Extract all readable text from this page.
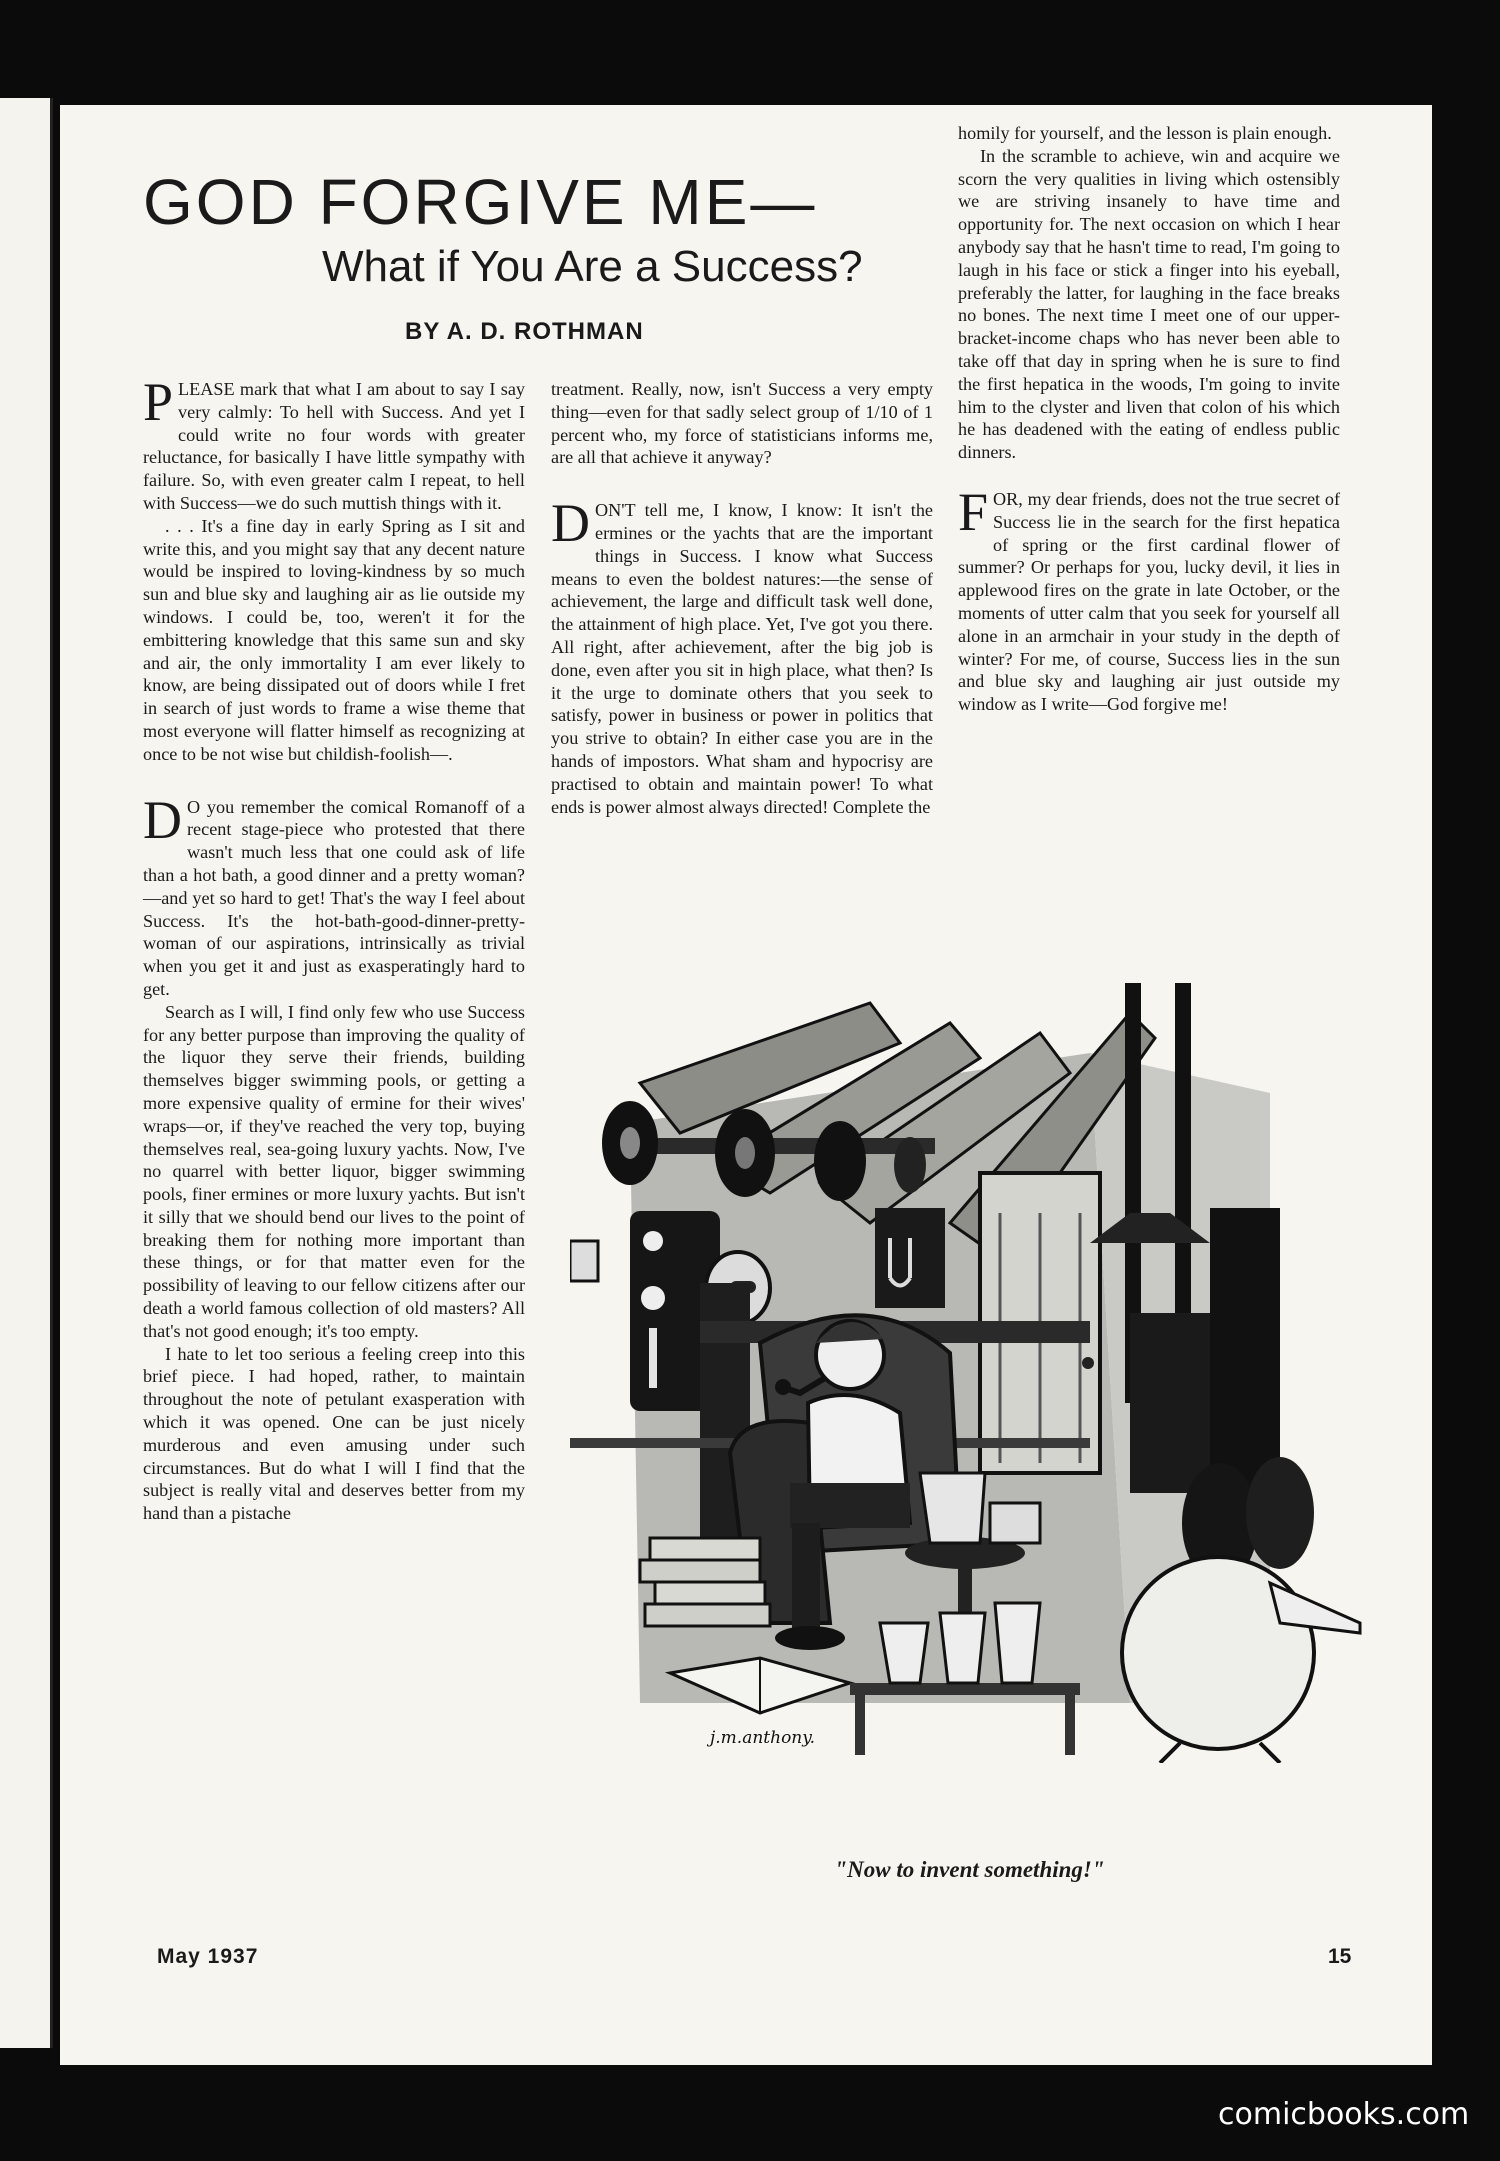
GOD FORGIVE ME—
What if You Are a Success?

BY A. D. ROTHMAN

PLEASE mark that what I am about to say I say very calmly: To hell with Success. And yet I could write no four words with greater reluctance, for basically I have little sympathy with failure. So, with even greater calm I repeat, to hell with Success—we do such muttish things with it.

. . . It's a fine day in early Spring as I sit and write this, and you might say that any decent nature would be inspired to loving-kindness by so much sun and blue sky and laughing air as lie outside my windows. I could be, too, weren't it for the embittering knowledge that this same sun and sky and air, the only immortality I am ever likely to know, are being dissipated out of doors while I fret in search of just words to frame a wise theme that most everyone will flatter himself as recognizing at once to be not wise but childish-foolish—.

D O you remember the comical Romanoff of a recent stage-piece who protested that there wasn't much less that one could ask of life than a hot bath, a good dinner and a pretty woman?—and yet so hard to get! That's the way I feel about Success. It's the hot-bath-good-dinner-pretty-woman of our aspirations, intrinsically as trivial when you get it and just as exasperatingly hard to get.

Search as I will, I find only few who use Success for any better purpose than improving the quality of the liquor they serve their friends, building themselves bigger swimming pools, or getting a more expensive quality of ermine for their wives' wraps—or, if they've reached the very top, buying themselves real, sea-going luxury yachts. Now, I've no quarrel with better liquor, bigger swimming pools, finer ermines or more luxury yachts. But isn't it silly that we should bend our lives to the point of breaking them for nothing more important than these things, or for that matter even for the possibility of leaving to our fellow citizens after our death a world famous collection of old masters? All that's not good enough; it's too empty.

I hate to let too serious a feeling creep into this brief piece. I had hoped, rather, to maintain throughout the note of petulant exasperation with which it was opened. One can be just nicely murderous and even amusing under such circumstances. But do what I will I find that the subject is really vital and deserves better from my hand than a pistache

treatment. Really, now, isn't Success a very empty thing—even for that sadly select group of 1/10 of 1 percent who, my force of statisticians informs me, are all that achieve it anyway?

DON'T tell me, I know, I know: It isn't the ermines or the yachts that are the important things in Success. I know what Success means to even the boldest natures:—the sense of achievement, the large and difficult task well done, the attainment of high place. Yet, I've got you there. All right, after achievement, after the big job is done, even after you sit in high place, what then? Is it the urge to dominate others that you seek to satisfy, power in business or power in politics that you strive to obtain? In either case you are in the hands of impostors. What sham and hypocrisy are practised to obtain and maintain power! To what ends is power almost always directed! Complete the

homily for yourself, and the lesson is plain enough.

In the scramble to achieve, win and acquire we scorn the very qualities in living which ostensibly we are striving insanely to have time and opportunity for. The next occasion on which I hear anybody say that he hasn't time to read, I'm going to laugh in his face or stick a finger into his eyeball, preferably the latter, for laughing in the face breaks no bones. The next time I meet one of our upper-bracket-income chaps who has never been able to take off that day in spring when he is sure to find the first hepatica in the woods, I'm going to invite him to the clyster and liven that colon of his which he has deadened with the eating of endless public dinners.

FOR, my dear friends, does not the true secret of Success lie in the search for the first hepatica of spring or the first cardinal flower of summer? Or perhaps for you, lucky devil, it lies in applewood fires on the grate in late October, or the moments of utter calm that you seek for yourself all alone in an armchair in your study in the depth of winter? For me, of course, Success lies in the sun and blue sky and laughing air just outside my window as I write—God forgive me!

j.m.anthony.

"Now to invent something!"

May 1937	15

comicbooks.com
